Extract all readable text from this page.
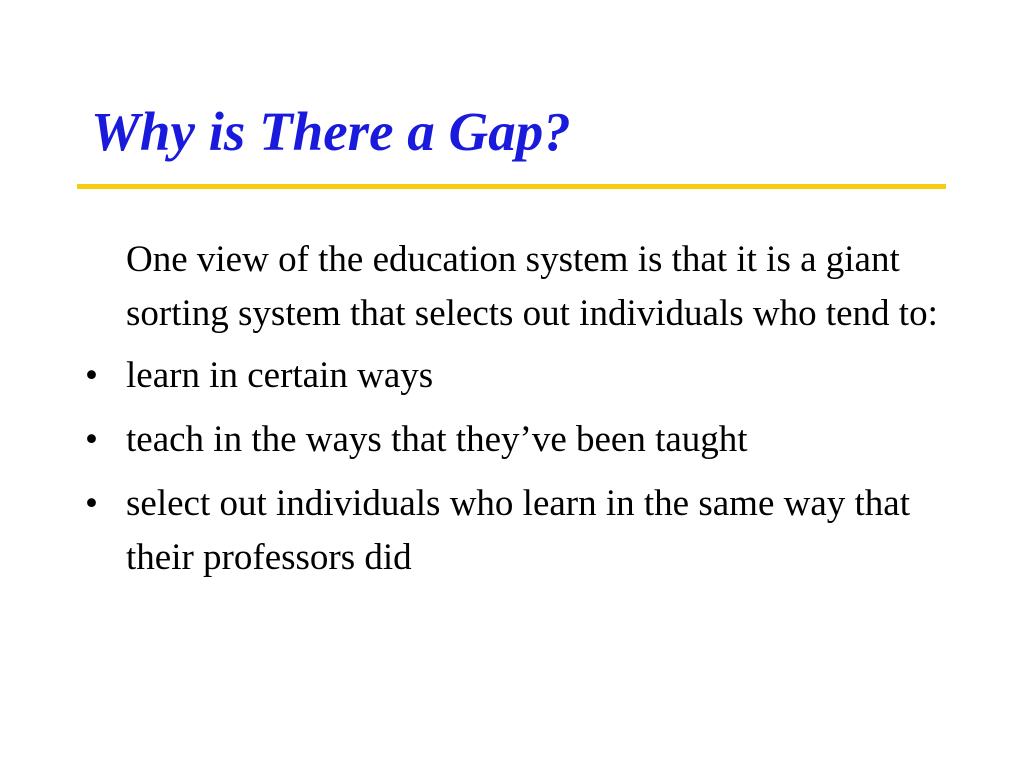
Why is There a Gap?

One view of the education system is that it is a giant sorting system that selects out individuals who tend to:

• learn in certain ways
• teach in the ways that they’ve been taught
• select out individuals who learn in the same way that their professors did
